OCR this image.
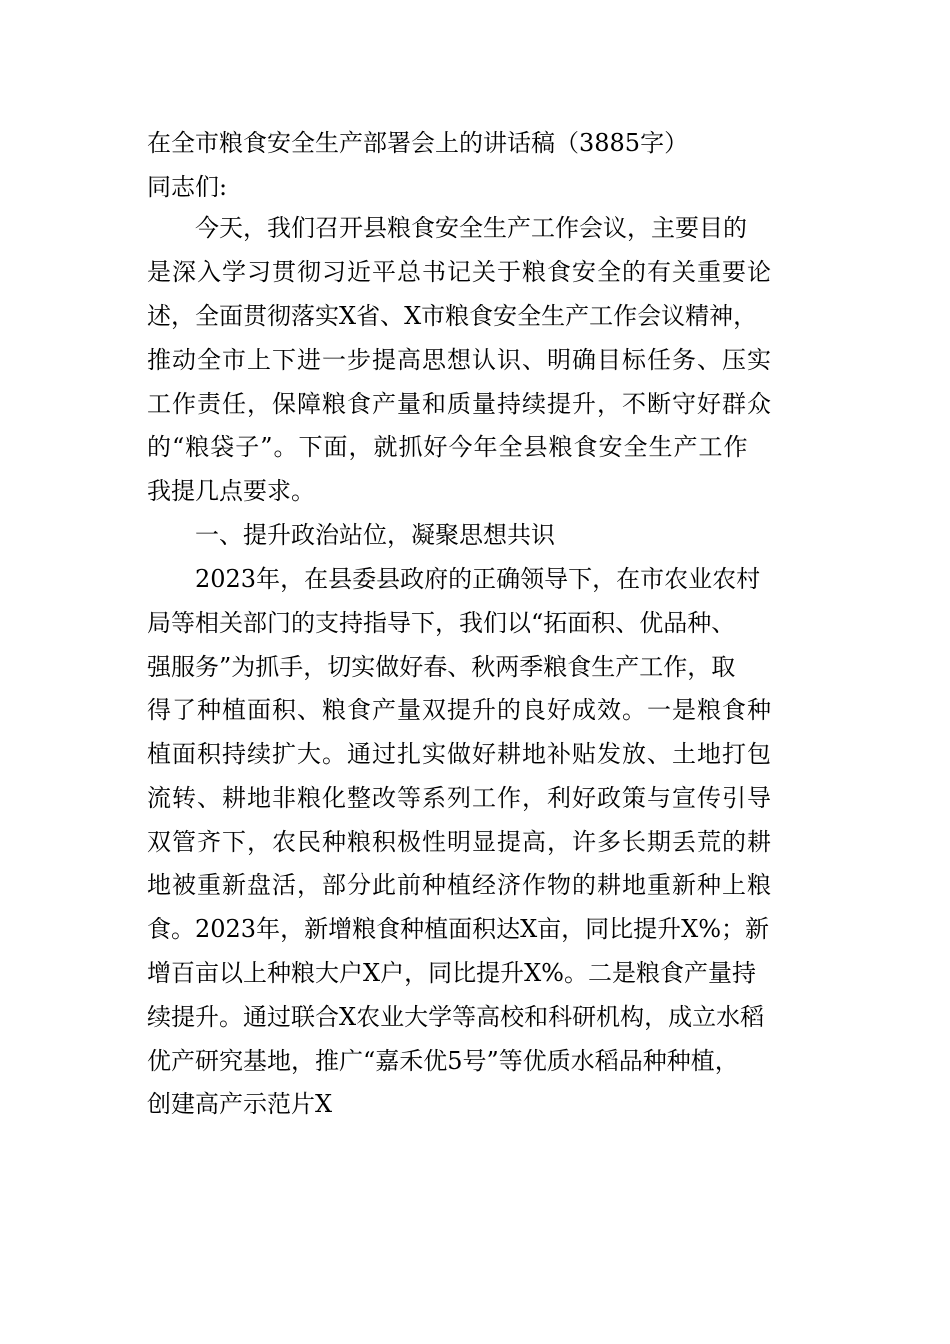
在全市粮食安全生产部署会上的讲话稿（3885字）
同志们:
今天，我们召开县粮食安全生产工作会议，主要目的
是深入学习贯彻习近平总书记关于粮食安全的有关重要论
述，全面贯彻落实X省、X市粮食安全生产工作会议精神，
推动全市上下进一步提高思想认识、明确目标任务、压实
工作责任，保障粮食产量和质量持续提升，不断守好群众
的“粮袋子”。下面，就抓好今年全县粮食安全生产工作
我提几点要求。
一、提升政治站位，凝聚思想共识
2023年，在县委县政府的正确领导下，在市农业农村
局等相关部门的支持指导下，我们以“拓面积、优品种、
强服务”为抓手，切实做好春、秋两季粮食生产工作，取
得了种植面积、粮食产量双提升的良好成效。一是粮食种
植面积持续扩大。通过扎实做好耕地补贴发放、土地打包
流转、耕地非粮化整改等系列工作，利好政策与宣传引导
双管齐下，农民种粮积极性明显提高，许多长期丢荒的耕
地被重新盘活，部分此前种植经济作物的耕地重新种上粮
食。2023年，新增粮食种植面积达X亩，同比提升X%；新
增百亩以上种粮大户X户，同比提升X%。二是粮食产量持
续提升。通过联合X农业大学等高校和科研机构，成立水稻
优产研究基地，推广“嘉禾优5号”等优质水稻品种种植，
创建高产示范片X
